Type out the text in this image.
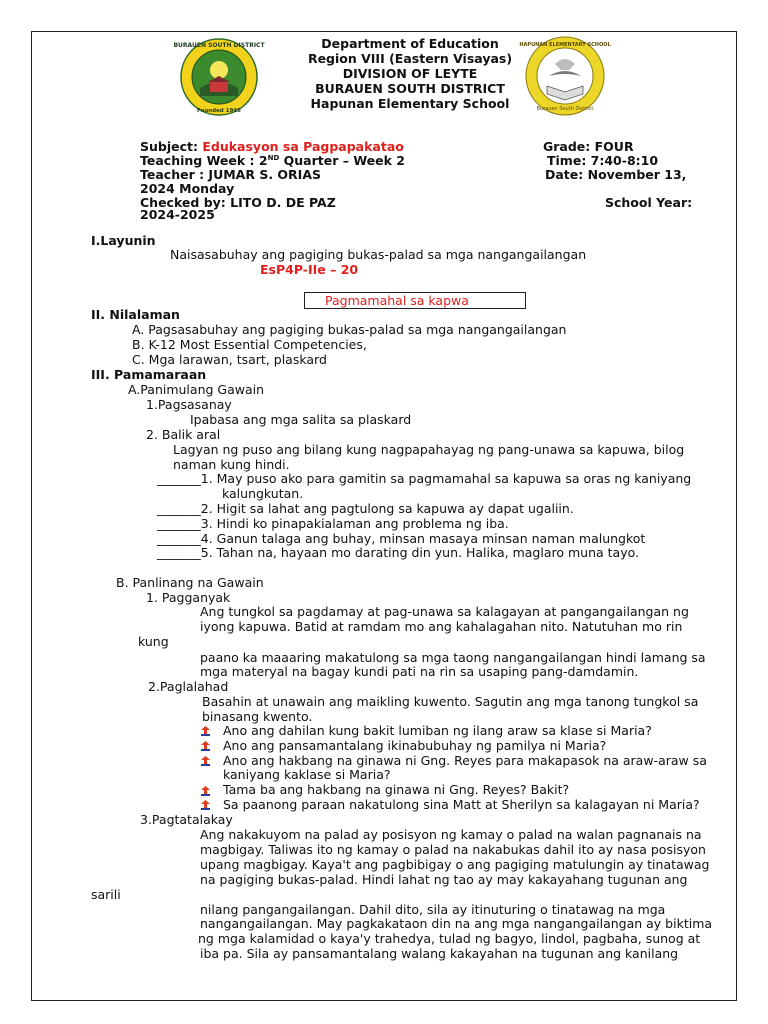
BURAUEN SOUTH DISTRICT
Founded 1945
HAPUNAN ELEMENTARY SCHOOL
Burauen South District
Department of Education
Region VIII (Eastern Visayas)
DIVISION OF LEYTE
BURAUEN SOUTH DISTRICT
Hapunan Elementary School
Subject: Edukasyon sa Pagpapakatao	Grade: FOUR
Teaching Week : 2ND Quarter – Week 2	Time: 7:40-8:10
Teacher : JUMAR S. ORIAS	Date: November 13,
2024 Monday
Checked by: LITO D. DE PAZ	School Year:
2024-2025
I.Layunin
Naisasabuhay ang pagiging bukas-palad sa mga nangangailangan
EsP4P-IIe – 20
Pagmamahal sa kapwa
II. Nilalaman
A. Pagsasabuhay ang pagiging bukas-palad sa mga nangangailangan
B. K-12 Most Essential Competencies,
C. Mga larawan, tsart, plaskard
III. Pamamaraan
A.Panimulang Gawain
1.Pagsasanay
Ipabasa ang mga salita sa plaskard
2. Balik aral
Lagyan ng puso ang bilang kung nagpapahayag ng pang-unawa sa kapuwa, bilog
naman kung hindi.
_______1. May puso ako para gamitin sa pagmamahal sa kapuwa sa oras ng kaniyang
kalungkutan.
_______2. Higit sa lahat ang pagtulong sa kapuwa ay dapat ugaliin.
_______3. Hindi ko pinapakialaman ang problema ng iba.
_______4. Ganun talaga ang buhay, minsan masaya minsan naman malungkot
_______5. Tahan na, hayaan mo darating din yun. Halika, maglaro muna tayo.
B. Panlinang na Gawain
1. Pagganyak
Ang tungkol sa pagdamay at pag-unawa sa kalagayan at pangangailangan ng
iyong kapuwa. Batid at ramdam mo ang kahalagahan nito. Natutuhan mo rin
kung
paano ka maaaring makatulong sa mga taong nangangailangan hindi lamang sa
mga materyal na bagay kundi pati na rin sa usaping pang-damdamin.
2.Paglalahad
Basahin at unawain ang maikling kuwento. Sagutin ang mga tanong tungkol sa
binasang kwento.
Ano ang dahilan kung bakit lumiban ng ilang araw sa klase si Maria?
Ano ang pansamantalang ikinabubuhay ng pamilya ni Maria?
Ano ang hakbang na ginawa ni Gng. Reyes para makapasok na araw-araw sa
kaniyang kaklase si Maria?
Tama ba ang hakbang na ginawa ni Gng. Reyes? Bakit?
Sa paanong paraan nakatulong sina Matt at Sherilyn sa kalagayan ni Maria?
3.Pagtatalakay
Ang nakakuyom na palad ay posisyon ng kamay o palad na walan pagnanais na
magbigay. Taliwas ito ng kamay o palad na nakabukas dahil ito ay nasa posisyon
upang magbigay. Kaya't ang pagbibigay o ang pagiging matulungin ay tinatawag
na pagiging bukas-palad. Hindi lahat ng tao ay may kakayahang tugunan ang
sarili
nilang pangangailangan. Dahil dito, sila ay itinuturing o tinatawag na mga
nangangailangan. May pagkakataon din na ang mga nangangailangan ay biktima
ng mga kalamidad o kaya'y trahedya, tulad ng bagyo, lindol, pagbaha, sunog at
iba pa. Sila ay pansamantalang walang kakayahan na tugunan ang kanilang
